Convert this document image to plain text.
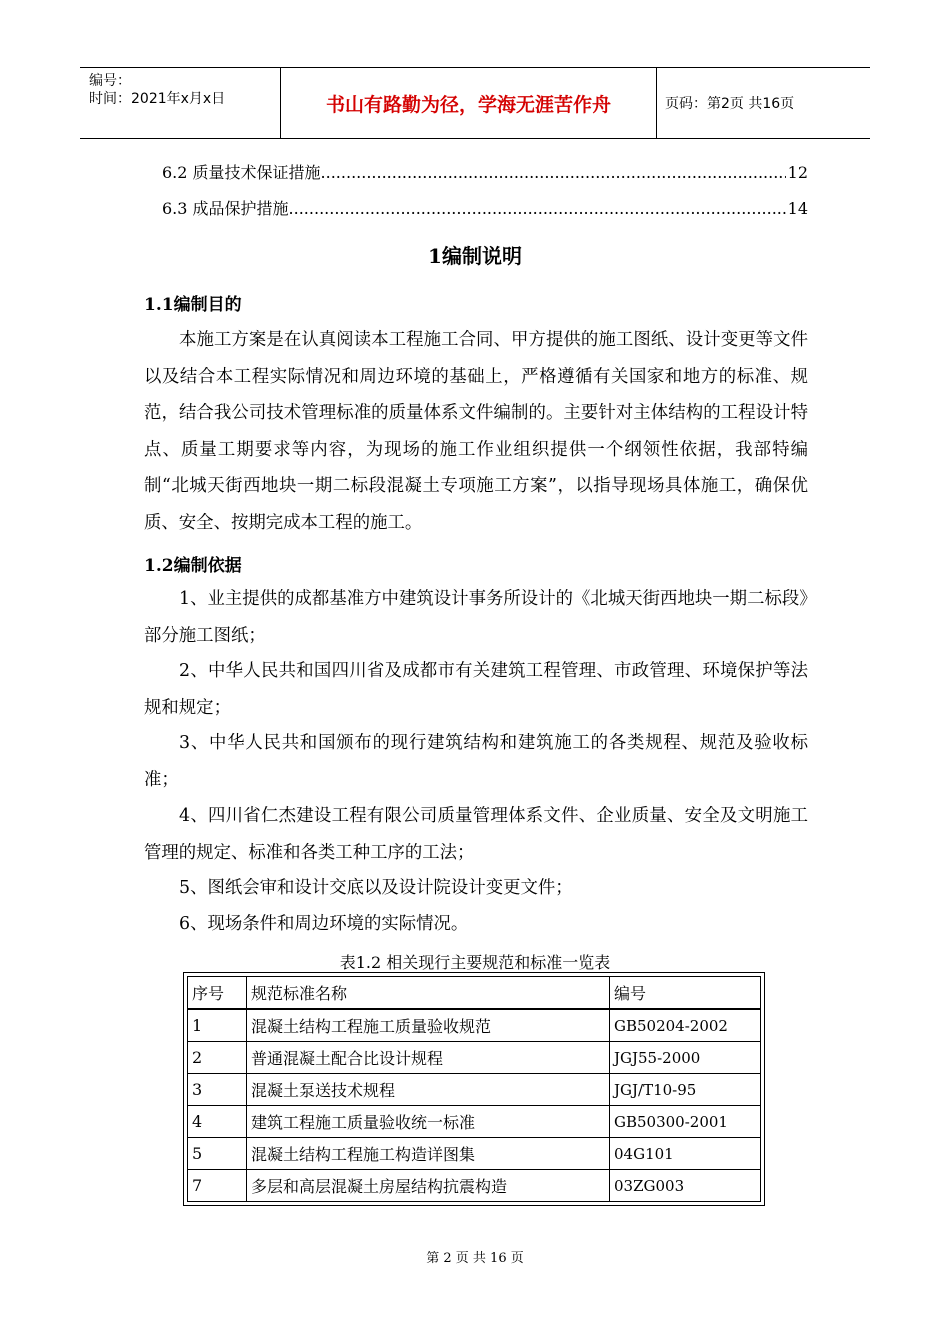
编号：
时间：2021年x月x日	书山有路勤为径，学海无涯苦作舟	页码：第2页 共16页
6.2 质量技术保证措施 .....	12
6.3 成品保护措施 .....	14
1编制说明
1.1编制目的
本施工方案是在认真阅读本工程施工合同、甲方提供的施工图纸、设计变更等文件以及结合本工程实际情况和周边环境的基础上，严格遵循有关国家和地方的标准、规范，结合我公司技术管理标准的质量体系文件编制的。主要针对主体结构的工程设计特点、质量工期要求等内容，为现场的施工作业组织提供一个纲领性依据，我部特编制“北城天街西地块一期二标段混凝土专项施工方案”，以指导现场具体施工，确保优质、安全、按期完成本工程的施工。
1.2编制依据
1、业主提供的成都基准方中建筑设计事务所设计的《北城天街西地块一期二标段》部分施工图纸；
2、中华人民共和国四川省及成都市有关建筑工程管理、市政管理、环境保护等法规和规定；
3、中华人民共和国颁布的现行建筑结构和建筑施工的各类规程、规范及验收标准；
4、四川省仁杰建设工程有限公司质量管理体系文件、企业质量、安全及文明施工管理的规定、标准和各类工种工序的工法；
5、图纸会审和设计交底以及设计院设计变更文件；
6、现场条件和周边环境的实际情况。
表1.2 相关现行主要规范和标准一览表
序号	规范标准名称	编号
1	混凝土结构工程施工质量验收规范	GB50204-2002
2	普通混凝土配合比设计规程	JGJ55-2000
3	混凝土泵送技术规程	JGJ/T10-95
4	建筑工程施工质量验收统一标准	GB50300-2001
5	混凝土结构工程施工构造详图集	04G101
7	多层和高层混凝土房屋结构抗震构造	03ZG003
第 2 页 共 16 页
